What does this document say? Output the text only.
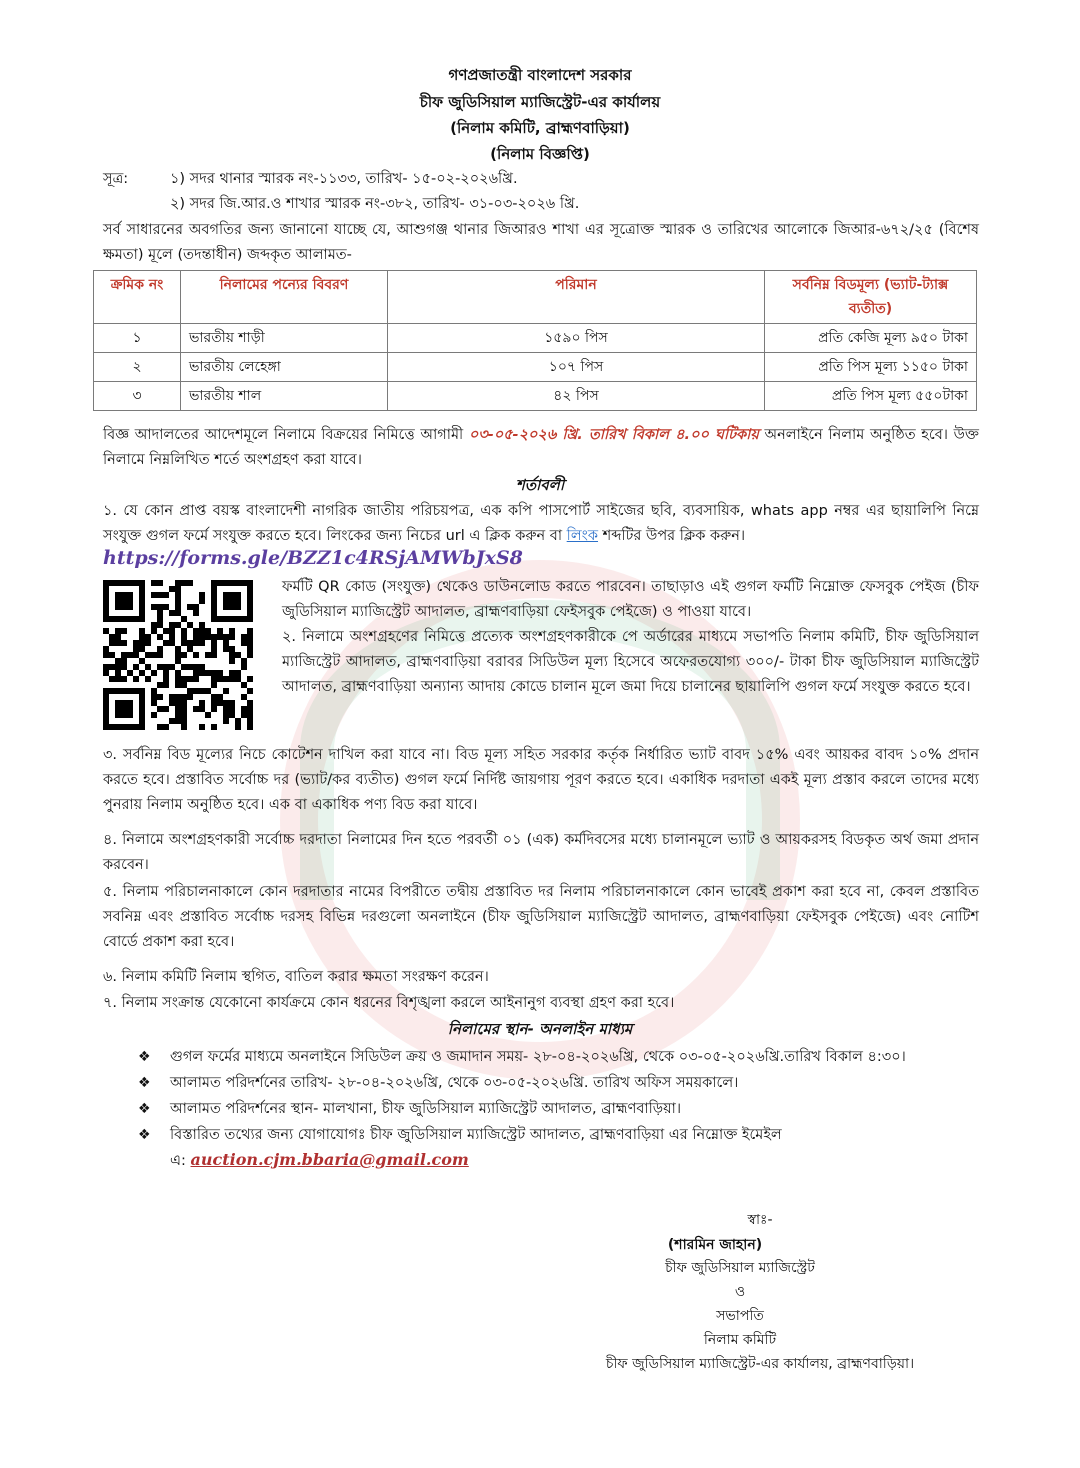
গণপ্রজাতন্ত্রী বাংলাদেশ সরকার
চীফ জুডিসিয়াল ম্যাজিস্ট্রেট-এর কার্যালয়
(নিলাম কমিটি, ব্রাহ্মণবাড়িয়া)
(নিলাম বিজ্ঞপ্তি)
সূত্র:	১) সদর থানার স্মারক নং-১১৩৩, তারিখ- ১৫-০২-২০২৬খ্রি.
২) সদর জি.আর.ও শাখার স্মারক নং-৩৮২, তারিখ- ৩১-০৩-২০২৬ খ্রি.
সর্ব সাধারনের অবগতির জন্য জানানো যাচ্ছে যে, আশুগঞ্জ থানার জিআরও শাখা এর সূত্রোক্ত স্মারক ও তারিখের আলোকে জিআর-৬৭২/২৫ (বিশেষ ক্ষমতা) মূলে (তদন্তাধীন) জব্দকৃত আলামত-
ক্রমিক নং	নিলামের পন্যের বিবরণ	পরিমান	সর্বনিম্ন বিডমূল্য (ভ্যাট-ট্যাক্স ব্যতীত)
১	ভারতীয় শাড়ী	১৫৯০ পিস	প্রতি কেজি মূল্য ৯৫০ টাকা
২	ভারতীয় লেহেঙ্গা	১০৭ পিস	প্রতি পিস মূল্য ১১৫০ টাকা
৩	ভারতীয় শাল	৪২ পিস	প্রতি পিস মূল্য ৫৫০টাকা
বিজ্ঞ আদালতের আদেশমূলে নিলামে বিক্রয়ের নিমিত্তে আগামী ০৩-০৫-২০২৬ খ্রি. তারিখ বিকাল ৪.০০ ঘটিকায় অনলাইনে নিলাম অনুষ্ঠিত হবে। উক্ত নিলামে নিম্নলিখিত শর্তে অংশগ্রহণ করা যাবে।
শর্তাবলী
১. যে কোন প্রাপ্ত বয়স্ক বাংলাদেশী নাগরিক জাতীয় পরিচয়পত্র, এক কপি পাসপোর্ট সাইজের ছবি, ব্যবসায়িক, whats app নম্বর এর ছায়ালিপি নিম্নে সংযুক্ত গুগল ফর্মে সংযুক্ত করতে হবে। লিংকের জন্য নিচের url এ ক্লিক করুন বা লিংক শব্দটির উপর ক্লিক করুন।
https://forms.gle/BZZ1c4RSjAMWbJxS8
ফর্মটি QR কোড (সংযুক্ত) থেকেও ডাউনলোড করতে পারবেন। তাছাড়াও এই গুগল ফর্মটি নিম্নোক্ত ফেসবুক পেইজ (চীফ জুডিসিয়াল ম্যাজিস্ট্রেট আদালত, ব্রাহ্মণবাড়িয়া ফেইসবুক পেইজে) ও পাওয়া যাবে।
২. নিলামে অংশগ্রহণের নিমিত্তে প্রত্যেক অংশগ্রহণকারীকে পে অর্ডারের মাধ্যমে সভাপতি নিলাম কমিটি, চীফ জুডিসিয়াল ম্যাজিস্ট্রেট আদালত, ব্রাহ্মণবাড়িয়া বরাবর সিডিউল মূল্য হিসেবে অফেরতযোগ্য ৩০০/- টাকা চীফ জুডিসিয়াল ম্যাজিস্ট্রেট আদালত, ব্রাহ্মণবাড়িয়া অন্যান্য আদায় কোডে চালান মূলে জমা দিয়ে চালানের ছায়ালিপি গুগল ফর্মে সংযুক্ত করতে হবে।
৩. সর্বনিম্ন বিড মূল্যের নিচে কোটেশন দাখিল করা যাবে না। বিড মূল্য সহিত সরকার কর্তৃক নির্ধারিত ভ্যাট বাবদ ১৫% এবং আয়কর বাবদ ১০% প্রদান করতে হবে। প্রস্তাবিত সর্বোচ্চ দর (ভ্যাট/কর ব্যতীত) গুগল ফর্মে নির্দিষ্ট জায়গায় পূরণ করতে হবে। একাধিক দরদাতা একই মূল্য প্রস্তাব করলে তাদের মধ্যে পুনরায় নিলাম অনুষ্ঠিত হবে। এক বা একাধিক পণ্য বিড করা যাবে।
৪. নিলামে অংশগ্রহণকারী সর্বোচ্চ দরদাতা নিলামের দিন হতে পরবর্তী ০১ (এক) কর্মদিবসের মধ্যে চালানমূলে ভ্যাট ও আয়করসহ বিডকৃত অর্থ জমা প্রদান করবেন।
৫. নিলাম পরিচালনাকালে কোন দরদাতার নামের বিপরীতে তদ্বীয় প্রস্তাবিত দর নিলাম পরিচালনাকালে কোন ভাবেই প্রকাশ করা হবে না, কেবল প্রস্তাবিত সবনিম্ন এবং প্রস্তাবিত সর্বোচ্চ দরসহ বিভিন্ন দরগুলো অনলাইনে (চীফ জুডিসিয়াল ম্যাজিস্ট্রেট আদালত, ব্রাহ্মণবাড়িয়া ফেইসবুক পেইজে) এবং নোটিশ বোর্ডে প্রকাশ করা হবে।
৬. নিলাম কমিটি নিলাম স্থগিত, বাতিল করার ক্ষমতা সংরক্ষণ করেন।
৭. নিলাম সংক্রান্ত যেকোনো কার্যক্রমে কোন ধরনের বিশৃঙ্খলা করলে আইনানুগ ব্যবস্থা গ্রহণ করা হবে।
নিলামের স্থান- অনলাইন মাধ্যম
❖ গুগল ফর্মের মাধ্যমে অনলাইনে সিডিউল ক্রয় ও জমাদান সময়- ২৮-০৪-২০২৬খ্রি, থেকে ০৩-০৫-২০২৬খ্রি.তারিখ বিকাল ৪:৩০।
❖ আলামত পরিদর্শনের তারিখ- ২৮-০৪-২০২৬খ্রি, থেকে ০৩-০৫-২০২৬খ্রি. তারিখ অফিস সময়কালে।
❖ আলামত পরিদর্শনের স্থান- মালখানা, চীফ জুডিসিয়াল ম্যাজিস্ট্রেট আদালত, ব্রাহ্মণবাড়িয়া।
❖ বিস্তারিত তথ্যের জন্য যোগাযোগঃ চীফ জুডিসিয়াল ম্যাজিস্ট্রেট আদালত, ব্রাহ্মণবাড়িয়া এর নিম্নোক্ত ইমেইল
এ: auction.cjm.bbaria@gmail.com
স্বাঃ-
(শারমিন জাহান)
চীফ জুডিসিয়াল ম্যাজিস্ট্রেট
ও
সভাপতি
নিলাম কমিটি
চীফ জুডিসিয়াল ম্যাজিস্ট্রেট-এর কার্যালয়, ব্রাহ্মণবাড়িয়া।
